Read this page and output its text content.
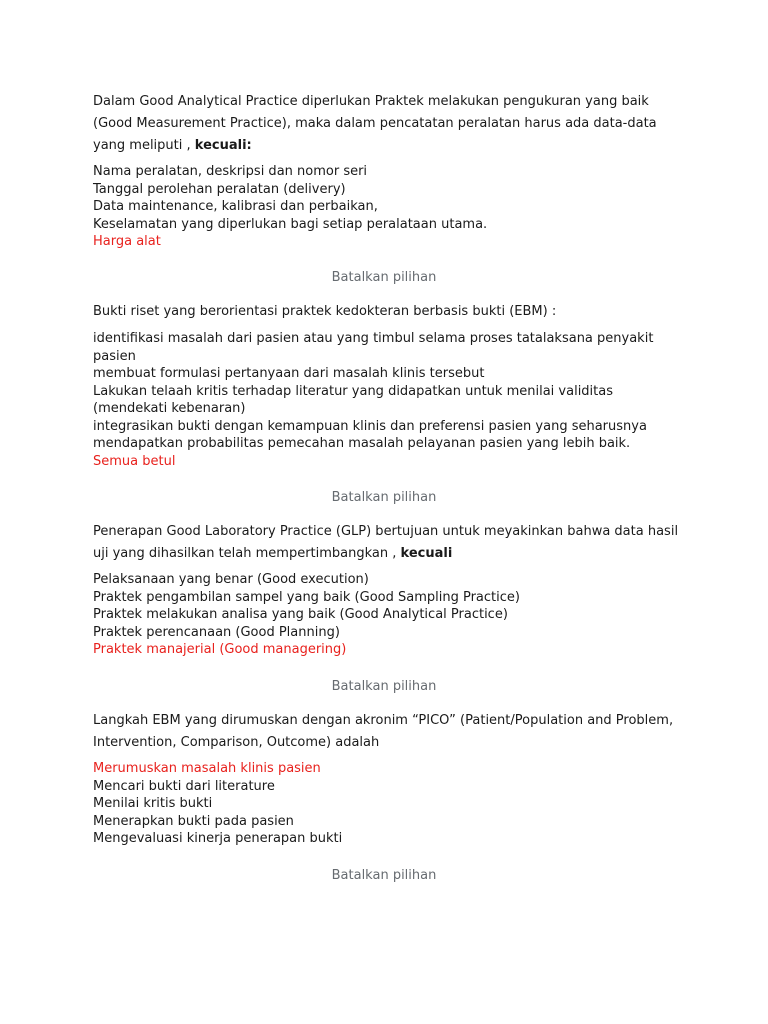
Dalam Good Analytical Practice diperlukan Praktek melakukan pengukuran yang baik
(Good Measurement Practice), maka dalam pencatatan peralatan harus ada data-data
yang meliputi , kecuali:
Nama peralatan, deskripsi dan nomor seri
Tanggal perolehan peralatan (delivery)
Data maintenance, kalibrasi dan perbaikan,
Keselamatan yang diperlukan bagi setiap peralataan utama.
Harga alat
Batalkan pilihan
Bukti riset yang berorientasi praktek kedokteran berbasis bukti (EBM) :
identifikasi masalah dari pasien atau yang timbul selama proses tatalaksana penyakit
pasien
membuat formulasi pertanyaan dari masalah klinis tersebut
Lakukan telaah kritis terhadap literatur yang didapatkan untuk menilai validitas
(mendekati kebenaran)
integrasikan bukti dengan kemampuan klinis dan preferensi pasien yang seharusnya
mendapatkan probabilitas pemecahan masalah pelayanan pasien yang lebih baik.
Semua betul
Batalkan pilihan
Penerapan Good Laboratory Practice (GLP) bertujuan untuk meyakinkan bahwa data hasil
uji yang dihasilkan telah mempertimbangkan , kecuali
Pelaksanaan yang benar (Good execution)
Praktek pengambilan sampel yang baik (Good Sampling Practice)
Praktek melakukan analisa yang baik (Good Analytical Practice)
Praktek perencanaan (Good Planning)
Praktek manajerial (Good managering)
Batalkan pilihan
Langkah EBM yang dirumuskan dengan akronim “PICO” (Patient/Population and Problem,
Intervention, Comparison, Outcome) adalah
Merumuskan masalah klinis pasien
Mencari bukti dari literature
Menilai kritis bukti
Menerapkan bukti pada pasien
Mengevaluasi kinerja penerapan bukti
Batalkan pilihan
